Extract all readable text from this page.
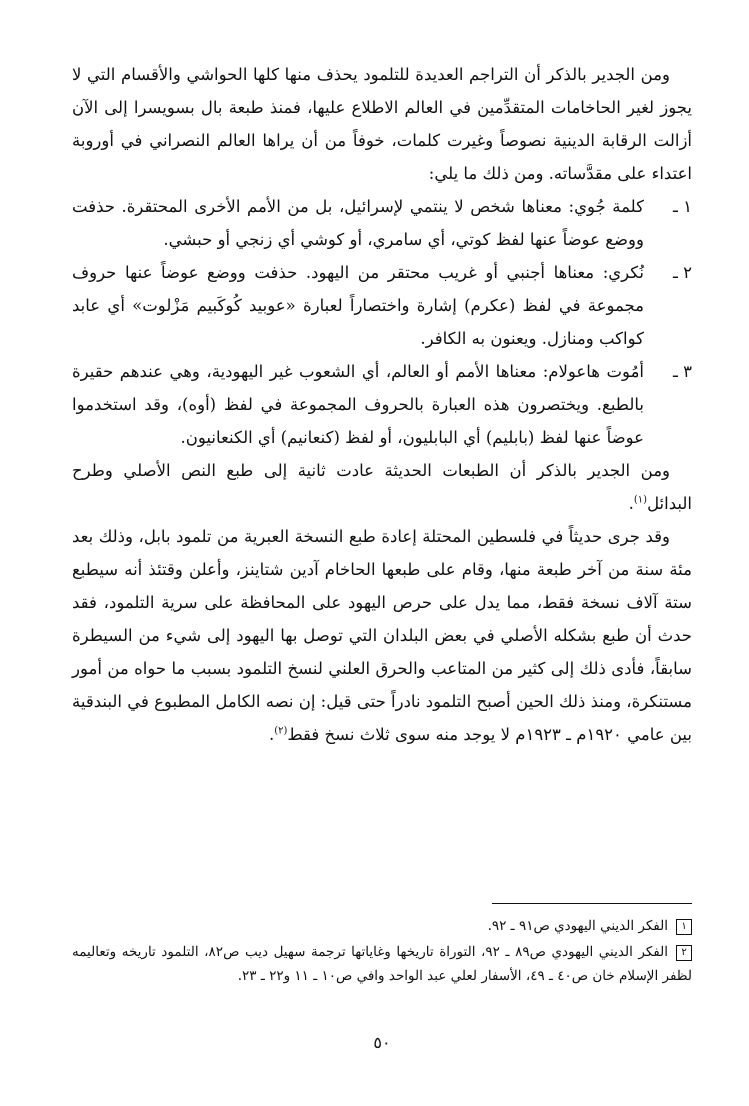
ومن الجدير بالذكر أن التراجم العديدة للتلمود يحذف منها كلها الحواشي والأقسام التي لا يجوز لغير الحاخامات المتقدِّمين في العالم الاطلاع عليها، فمنذ طبعة بال بسويسرا إلى الآن أزالت الرقابة الدينية نصوصاً وغيرت كلمات، خوفاً من أن يراها العالم النصراني في أوروبة اعتداء على مقدَّساته. ومن ذلك ما يلي:

١ ـ
كلمة جُوي: معناها شخص لا ينتمي لإسرائيل، بل من الأمم الأخرى المحتقرة. حذفت ووضع عوضاً عنها لفظ كوتي، أي سامري، أو كوشي أي زنجي أو حبشي.

٢ ـ
نُكري: معناها أجنبي أو غريب محتقر من اليهود. حذفت ووضع عوضاً عنها حروف مجموعة في لفظ (عكرم) إشارة واختصاراً لعبارة «عوبيد كُوكَبيم مَزْلوت» أي عابد كواكب ومنازل. ويعنون به الكافر.

٣ ـ
أمُوت هاعولام: معناها الأمم أو العالم، أي الشعوب غير اليهودية، وهي عندهم حقيرة بالطبع. ويختصرون هذه العبارة بالحروف المجموعة في لفظ (أوه)، وقد استخدموا عوضاً عنها لفظ (بابليم) أي البابليون، أو لفظ (كنعانيم) أي الكنعانيون.

ومن الجدير بالذكر أن الطبعات الحديثة عادت ثانية إلى طبع النص الأصلي وطرح البدائل$^{(١)}$.

وقد جرى حديثاً في فلسطين المحتلة إعادة طبع النسخة العبرية من تلمود بابل، وذلك بعد مئة سنة من آخر طبعة منها، وقام على طبعها الحاخام آدين شتاينز، وأعلن وقتئذ أنه سيطبع ستة آلاف نسخة فقط، مما يدل على حرص اليهود على المحافظة على سرية التلمود، فقد حدث أن طبع بشكله الأصلي في بعض البلدان التي توصل بها اليهود إلى شيء من السيطرة سابقاً، فأدى ذلك إلى كثير من المتاعب والحرق العلني لنسخ التلمود بسبب ما حواه من أمور مستنكرة، ومنذ ذلك الحين أصبح التلمود نادراً حتى قيل: إن نصه الكامل المطبوع في البندقية بين عامي ١٩٢٠م ـ ١٩٢٣م لا يوجد منه سوى ثلاث نسخ فقط$^{(٢)}$.

١الفكر الديني اليهودي ص٩١ ـ ٩٢.

٢الفكر الديني اليهودي ص٨٩ ـ ٩٢، التوراة تاريخها وغاياتها ترجمة سهيل ديب ص٨٢، التلمود تاريخه وتعاليمه لظفر الإسلام خان ص٤٠ ـ ٤٩، الأسفار لعلي عبد الواحد وافي ص١٠ ـ ١١ و٢٢ ـ ٢٣.

٥٠
